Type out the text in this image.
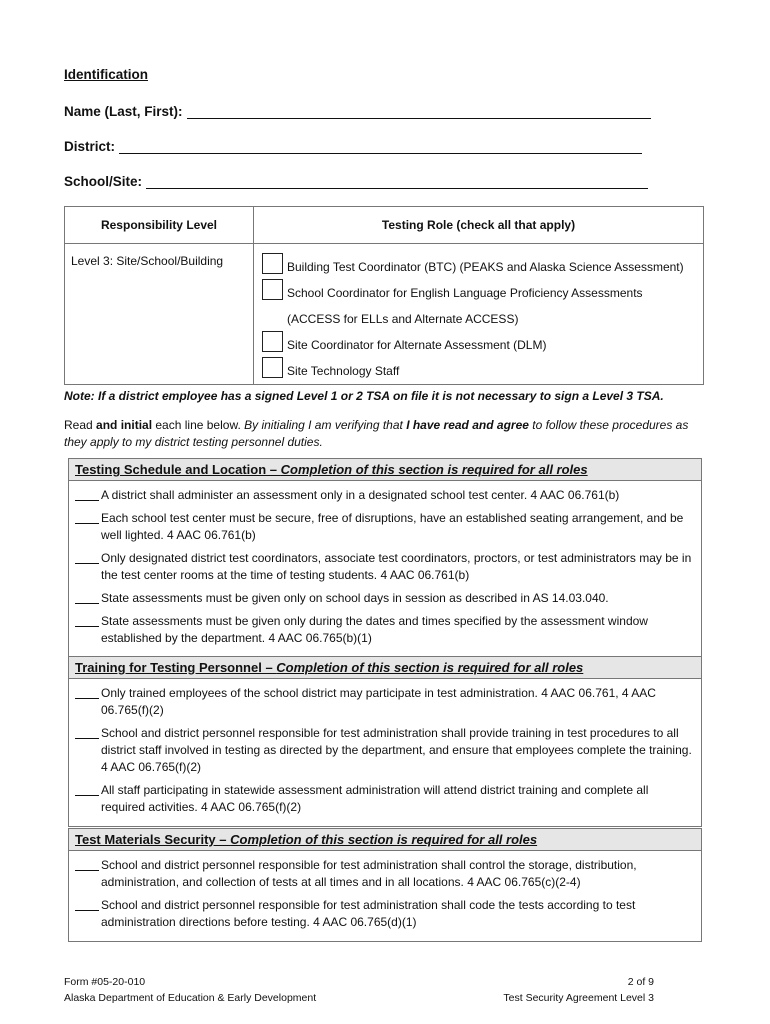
Identification
Name (Last, First):
District:
School/Site:
Responsibility Level	Testing Role (check all that apply)
Level 3: Site/School/Building	Building Test Coordinator (BTC) (PEAKS and Alaska Science Assessment)
School Coordinator for English Language Proficiency Assessments
(ACCESS for ELLs and Alternate ACCESS)
Site Coordinator for Alternate Assessment (DLM)
Site Technology Staff
Note: If a district employee has a signed Level 1 or 2 TSA on file it is not necessary to sign a Level 3 TSA.
Read and initial each line below. By initialing I am verifying that I have read and agree to follow these procedures as they apply to my district testing personnel duties.
Testing Schedule and Location – Completion of this section is required for all roles
A district shall administer an assessment only in a designated school test center. 4 AAC 06.761(b)
Each school test center must be secure, free of disruptions, have an established seating arrangement, and be well lighted. 4 AAC 06.761(b)
Only designated district test coordinators, associate test coordinators, proctors, or test administrators may be in the test center rooms at the time of testing students. 4 AAC 06.761(b)
State assessments must be given only on school days in session as described in AS 14.03.040.
State assessments must be given only during the dates and times specified by the assessment window established by the department. 4 AAC 06.765(b)(1)
Training for Testing Personnel – Completion of this section is required for all roles
Only trained employees of the school district may participate in test administration. 4 AAC 06.761, 4 AAC 06.765(f)(2)
School and district personnel responsible for test administration shall provide training in test procedures to all district staff involved in testing as directed by the department, and ensure that employees complete the training. 4 AAC 06.765(f)(2)
All staff participating in statewide assessment administration will attend district training and complete all required activities. 4 AAC 06.765(f)(2)
Test Materials Security – Completion of this section is required for all roles
School and district personnel responsible for test administration shall control the storage, distribution, administration, and collection of tests at all times and in all locations. 4 AAC 06.765(c)(2-4)
School and district personnel responsible for test administration shall code the tests according to test administration directions before testing. 4 AAC 06.765(d)(1)
Form #05-20-010
Alaska Department of Education & Early Development
2 of 9
Test Security Agreement Level 3
